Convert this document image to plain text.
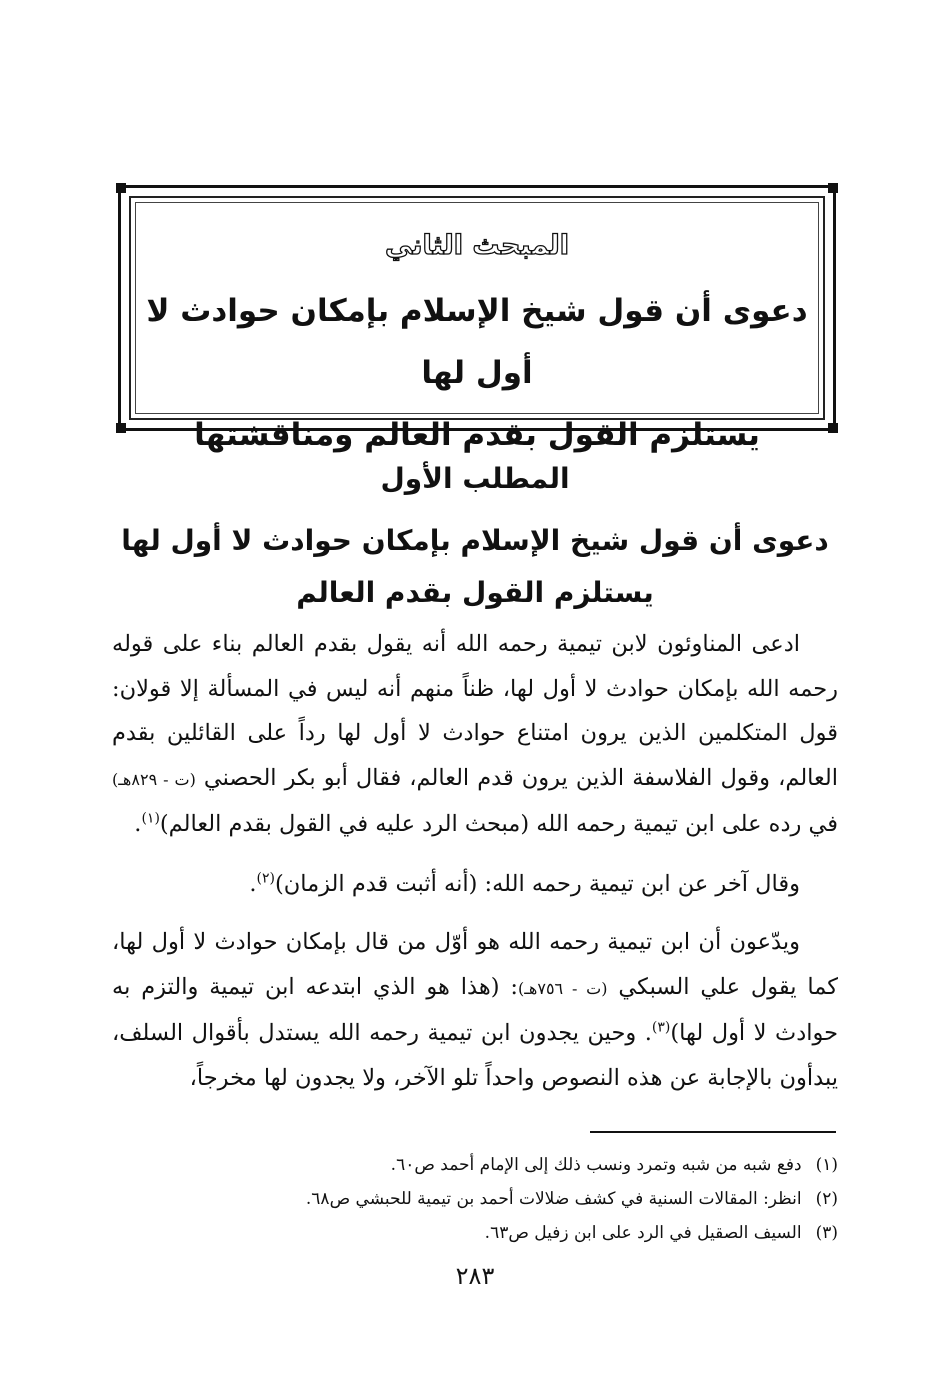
المبحث الثاني
دعوى أن قول شيخ الإسلام بإمكان حوادث لا أول لها
يستلزم القول بقدم العالم ومناقشتها
المطلب الأول
دعوى أن قول شيخ الإسلام بإمكان حوادث لا أول لها
يستلزم القول بقدم العالم
ادعى المناوئون لابن تيمية رحمه الله أنه يقول بقدم العالم بناء على قوله رحمه الله بإمكان حوادث لا أول لها، ظناً منهم أنه ليس في المسألة إلا قولان: قول المتكلمين الذين يرون امتناع حوادث لا أول لها رداً على القائلين بقدم العالم، وقول الفلاسفة الذين يرون قدم العالم، فقال أبو بكر الحصني (ت - ٨٢٩هـ) في رده على ابن تيمية رحمه الله (مبحث الرد عليه في القول بقدم العالم)$^{(١)}$.
وقال آخر عن ابن تيمية رحمه الله: (أنه أثبت قدم الزمان)$^{(٢)}$.
ويدّعون أن ابن تيمية رحمه الله هو أوّل من قال بإمكان حوادث لا أول لها، كما يقول علي السبكي (ت - ٧٥٦هـ): (هذا هو الذي ابتدعه ابن تيمية والتزم به حوادث لا أول لها)$^{(٣)}$. وحين يجدون ابن تيمية رحمه الله يستدل بأقوال السلف، يبدأون بالإجابة عن هذه النصوص واحداً تلو الآخر، ولا يجدون لها مخرجاً،
(١)دفع شبه من شبه وتمرد ونسب ذلك إلى الإمام أحمد ص٦٠.
(٢)انظر: المقالات السنية في كشف ضلالات أحمد بن تيمية للحبشي ص٦٨.
(٣)السيف الصقيل في الرد على ابن زفيل ص٦٣.
٢٨٣
